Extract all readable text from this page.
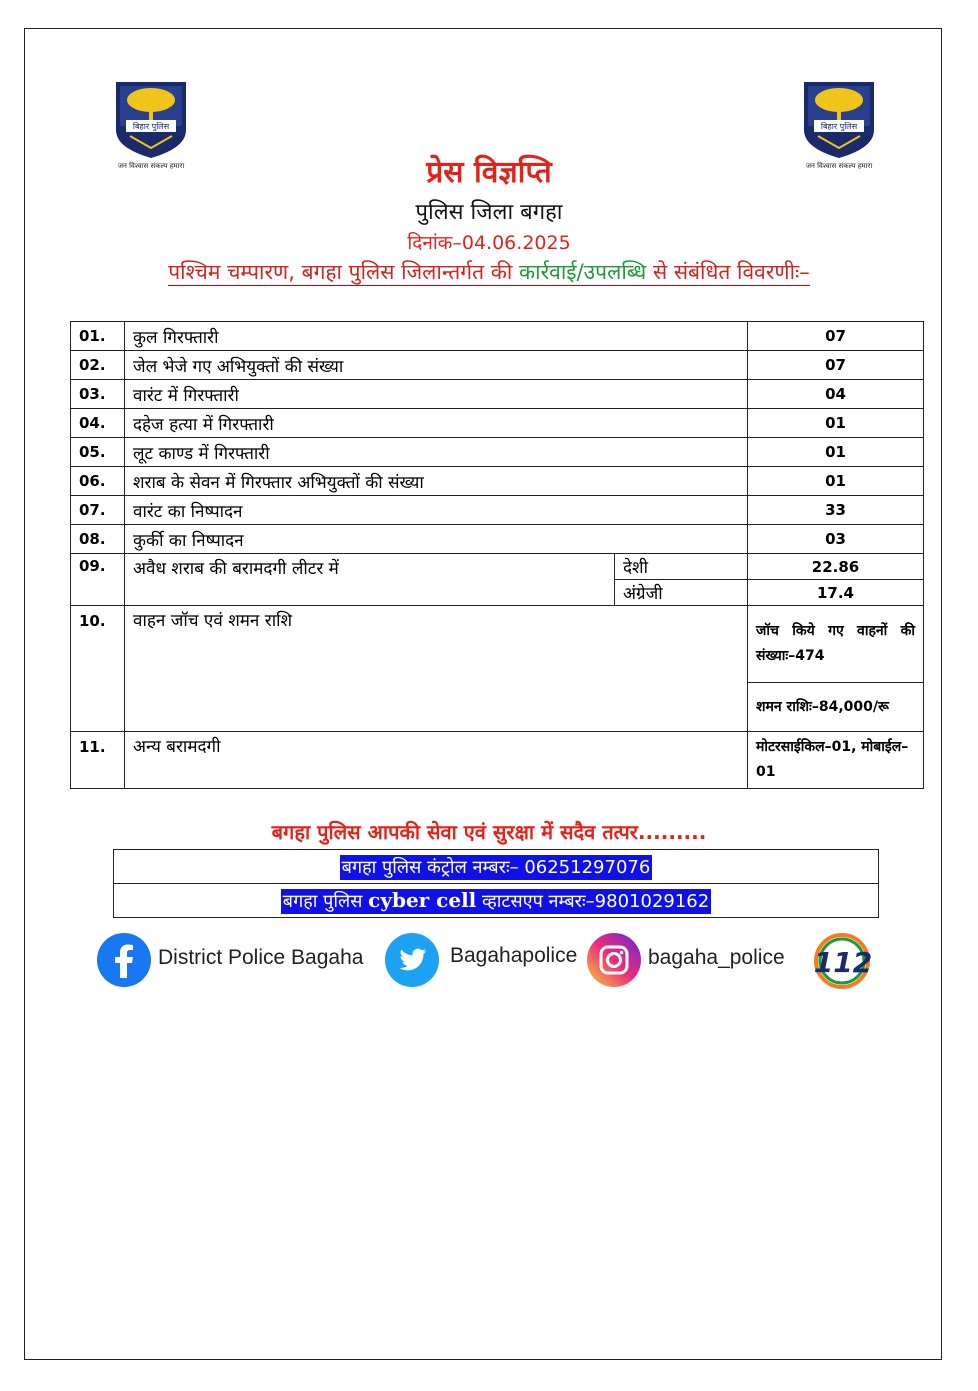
बिहार पुलिस
जन विश्वास संकल्प हमारा
बिहार पुलिस
जन विश्वास संकल्प हमारा
प्रेस विज्ञप्ति
पुलिस जिला बगहा
दिनांक–04.06.2025
पश्चिम चम्पारण, बगहा पुलिस जिलान्तर्गत की कार्रवाई/उपलब्धि से संबंधित विवरणीः–
01.	कुल गिरफ्तारी		07
02.	जेल भेजे गए अभियुक्तों की संख्या		07
03.	वारंट में गिरफ्तारी		04
04.	दहेज हत्या में गिरफ्तारी		01
05.	लूट काण्ड में गिरफ्तारी		01
06.	शराब के सेवन में गिरफ्तार अभियुक्तों की संख्या		01
07.	वारंट का निष्पादन		33
08.	कुर्की का निष्पादन		03
09.	अवैध शराब की बरामदगी लीटर में	देशी	22.86
		अंग्रेजी	17.4
10.	वाहन जॉच एवं शमन राशि		जॉच किये गए वाहनों की संख्याः–474
			शमन राशिः–84,000/रू
11.	अन्य बरामदगी		मोटरसाईकिल–01, मोबाईल–01
बगहा पुलिस आपकी सेवा एवं सुरक्षा में सदैव तत्पर.........
बगहा पुलिस कंट्रोल नम्बरः– 06251297076
बगहा पुलिस cyber cell व्हाटसएप नम्बरः–9801029162
District Police Bagaha	Bagahapolice	bagaha_police 112
